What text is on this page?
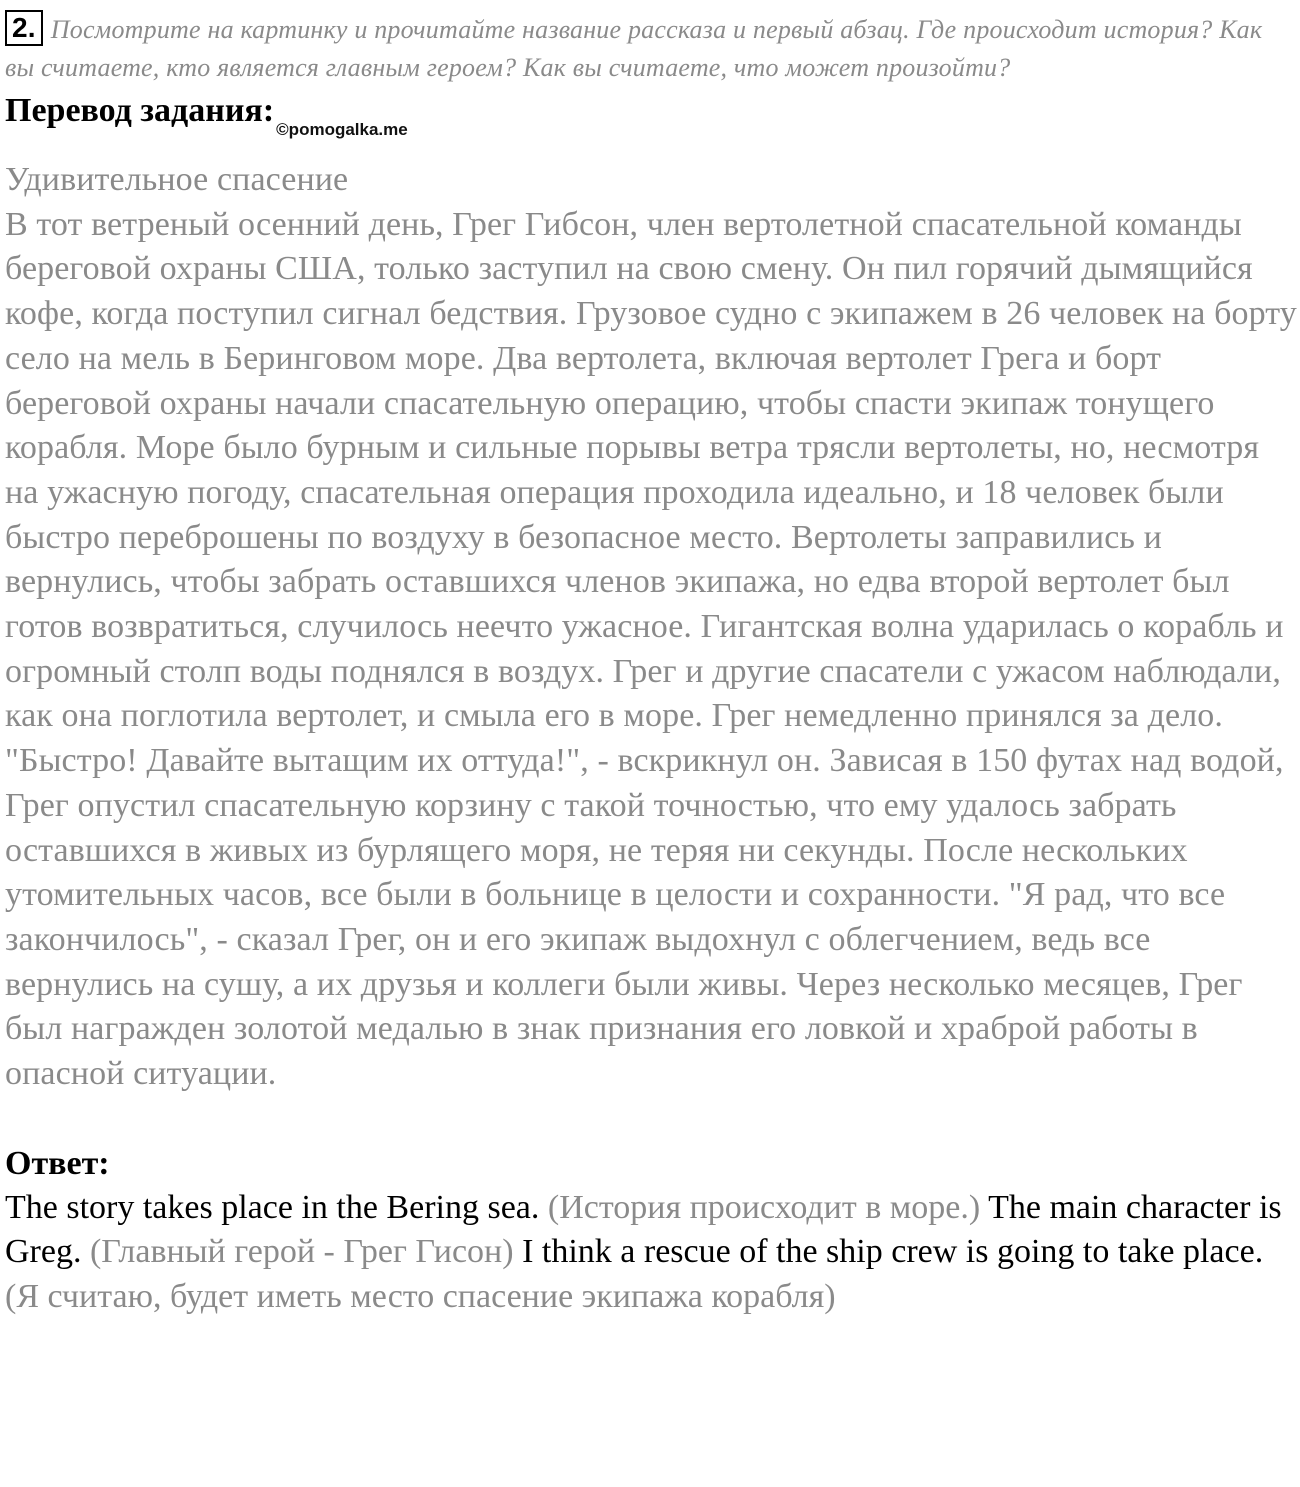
2. Посмотрите на картинку и прочитайте название рассказа и первый абзац. Где происходит история? Как вы считаете, кто является главным героем? Как вы считаете, что может произойти?
Перевод $задания:_{©pomogalka.me}$

Удивительное спасение

В тот ветреный осенний день, Грег Гибсон, член вертолетной спасательной команды береговой охраны США, только заступил на свою смену. Он пил горячий дымящийся кофе, когда поступил сигнал бедствия. Грузовое судно с экипажем в 26 человек на борту село на мель в Беринговом море. Два вертолета, включая вертолет Грега и борт береговой охраны начали спасательную операцию, чтобы спасти экипаж тонущего корабля. Море было бурным и сильные порывы ветра трясли вертолеты, но, несмотря на ужасную погоду, спасательная операция проходила идеально, и 18 человек были быстро переброшены по воздуху в безопасное место. Вертолеты заправились и вернулись, чтобы забрать оставшихся членов экипажа, но едва второй вертолет был готов возвратиться, случилось неечто ужасное. Гигантская волна ударилась о корабль и огромный столп воды поднялся в воздух. Грег и другие спасатели с ужасом наблюдали, как она поглотила вертолет, и смыла его в море. Грег немедленно принялся за дело. "Быстро! Давайте вытащим их оттуда!", - вскрикнул он. Зависая в 150 футах над водой, Грег опустил спасательную корзину с такой точностью, что ему удалось забрать оставшихся в живых из бурлящего моря, не теряя ни секунды. После нескольких утомительных часов, все были в больнице в целости и сохранности. "Я рад, что все закончилось", - сказал Грег, он и его экипаж выдохнул с облегчением, ведь все вернулись на сушу, а их друзья и коллеги были живы. Через несколько месяцев, Грег был награжден золотой медалью в знак признания его ловкой и храброй работы в опасной ситуации.

Ответ:
The story takes place in the Bering sea. (История происходит в море.) The main character is Greg. (Главный герой - Грег Гисон) I think a rescue of the ship crew is going to take place. (Я считаю, будет иметь место спасение экипажа корабля)
